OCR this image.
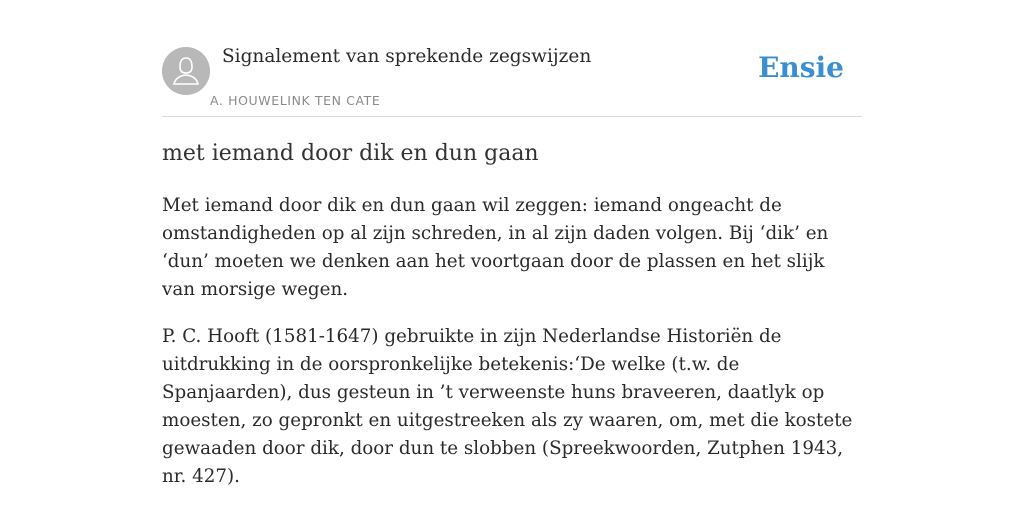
Signalement van sprekende zegswijzen
A. HOUWELINK TEN CATE
Ensie
met iemand door dik en dun gaan

Met iemand door dik en dun gaan wil zeggen: iemand ongeacht de omstandigheden op al zijn schreden, in al zijn daden volgen. Bij ‘dik’ en ‘dun’ moeten we denken aan het voortgaan door de plassen en het slijk van morsige wegen.

P. C. Hooft (1581-1647) gebruikte in zijn Nederlandse Historiën de uitdrukking in de oorspronkelijke betekenis:‘De welke (t.w. de Spanjaarden), dus gesteun in ’t verweenste huns braveeren, daatlyk op moesten, zo gepronkt en uitgestreeken als zy waaren, om, met die kostete gewaaden door dik, door dun te slobben (Spreekwoorden, Zutphen 1943, nr. 427).
